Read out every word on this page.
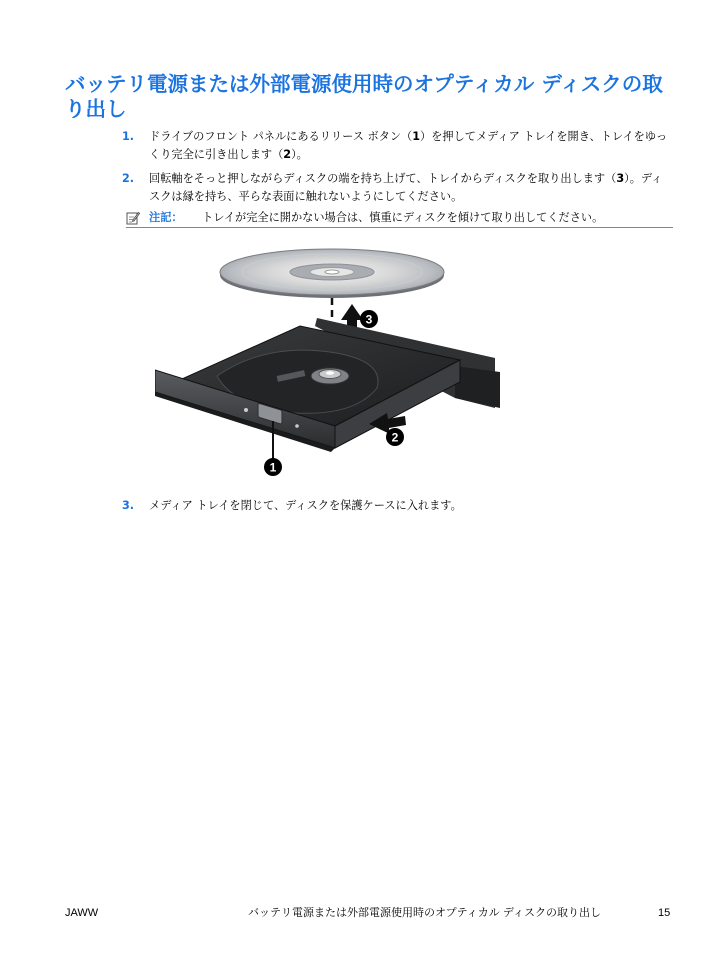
バッテリ電源または外部電源使用時のオプティカル ディスクの取り出し
1. ドライブのフロント パネルにあるリリース ボタン（1）を押してメディア トレイを開き、トレイをゆっくり完全に引き出します（2）。
2. 回転軸をそっと押しながらディスクの端を持ち上げて、トレイからディスクを取り出します（3）。ディスクは縁を持ち、平らな表面に触れないようにしてください。
注記： トレイが完全に開かない場合は、慎重にディスクを傾けて取り出してください。
1
2
3
3. メディア トレイを閉じて、ディスクを保護ケースに入れます。
JAWW	バッテリ電源または外部電源使用時のオプティカル ディスクの取り出し	15
